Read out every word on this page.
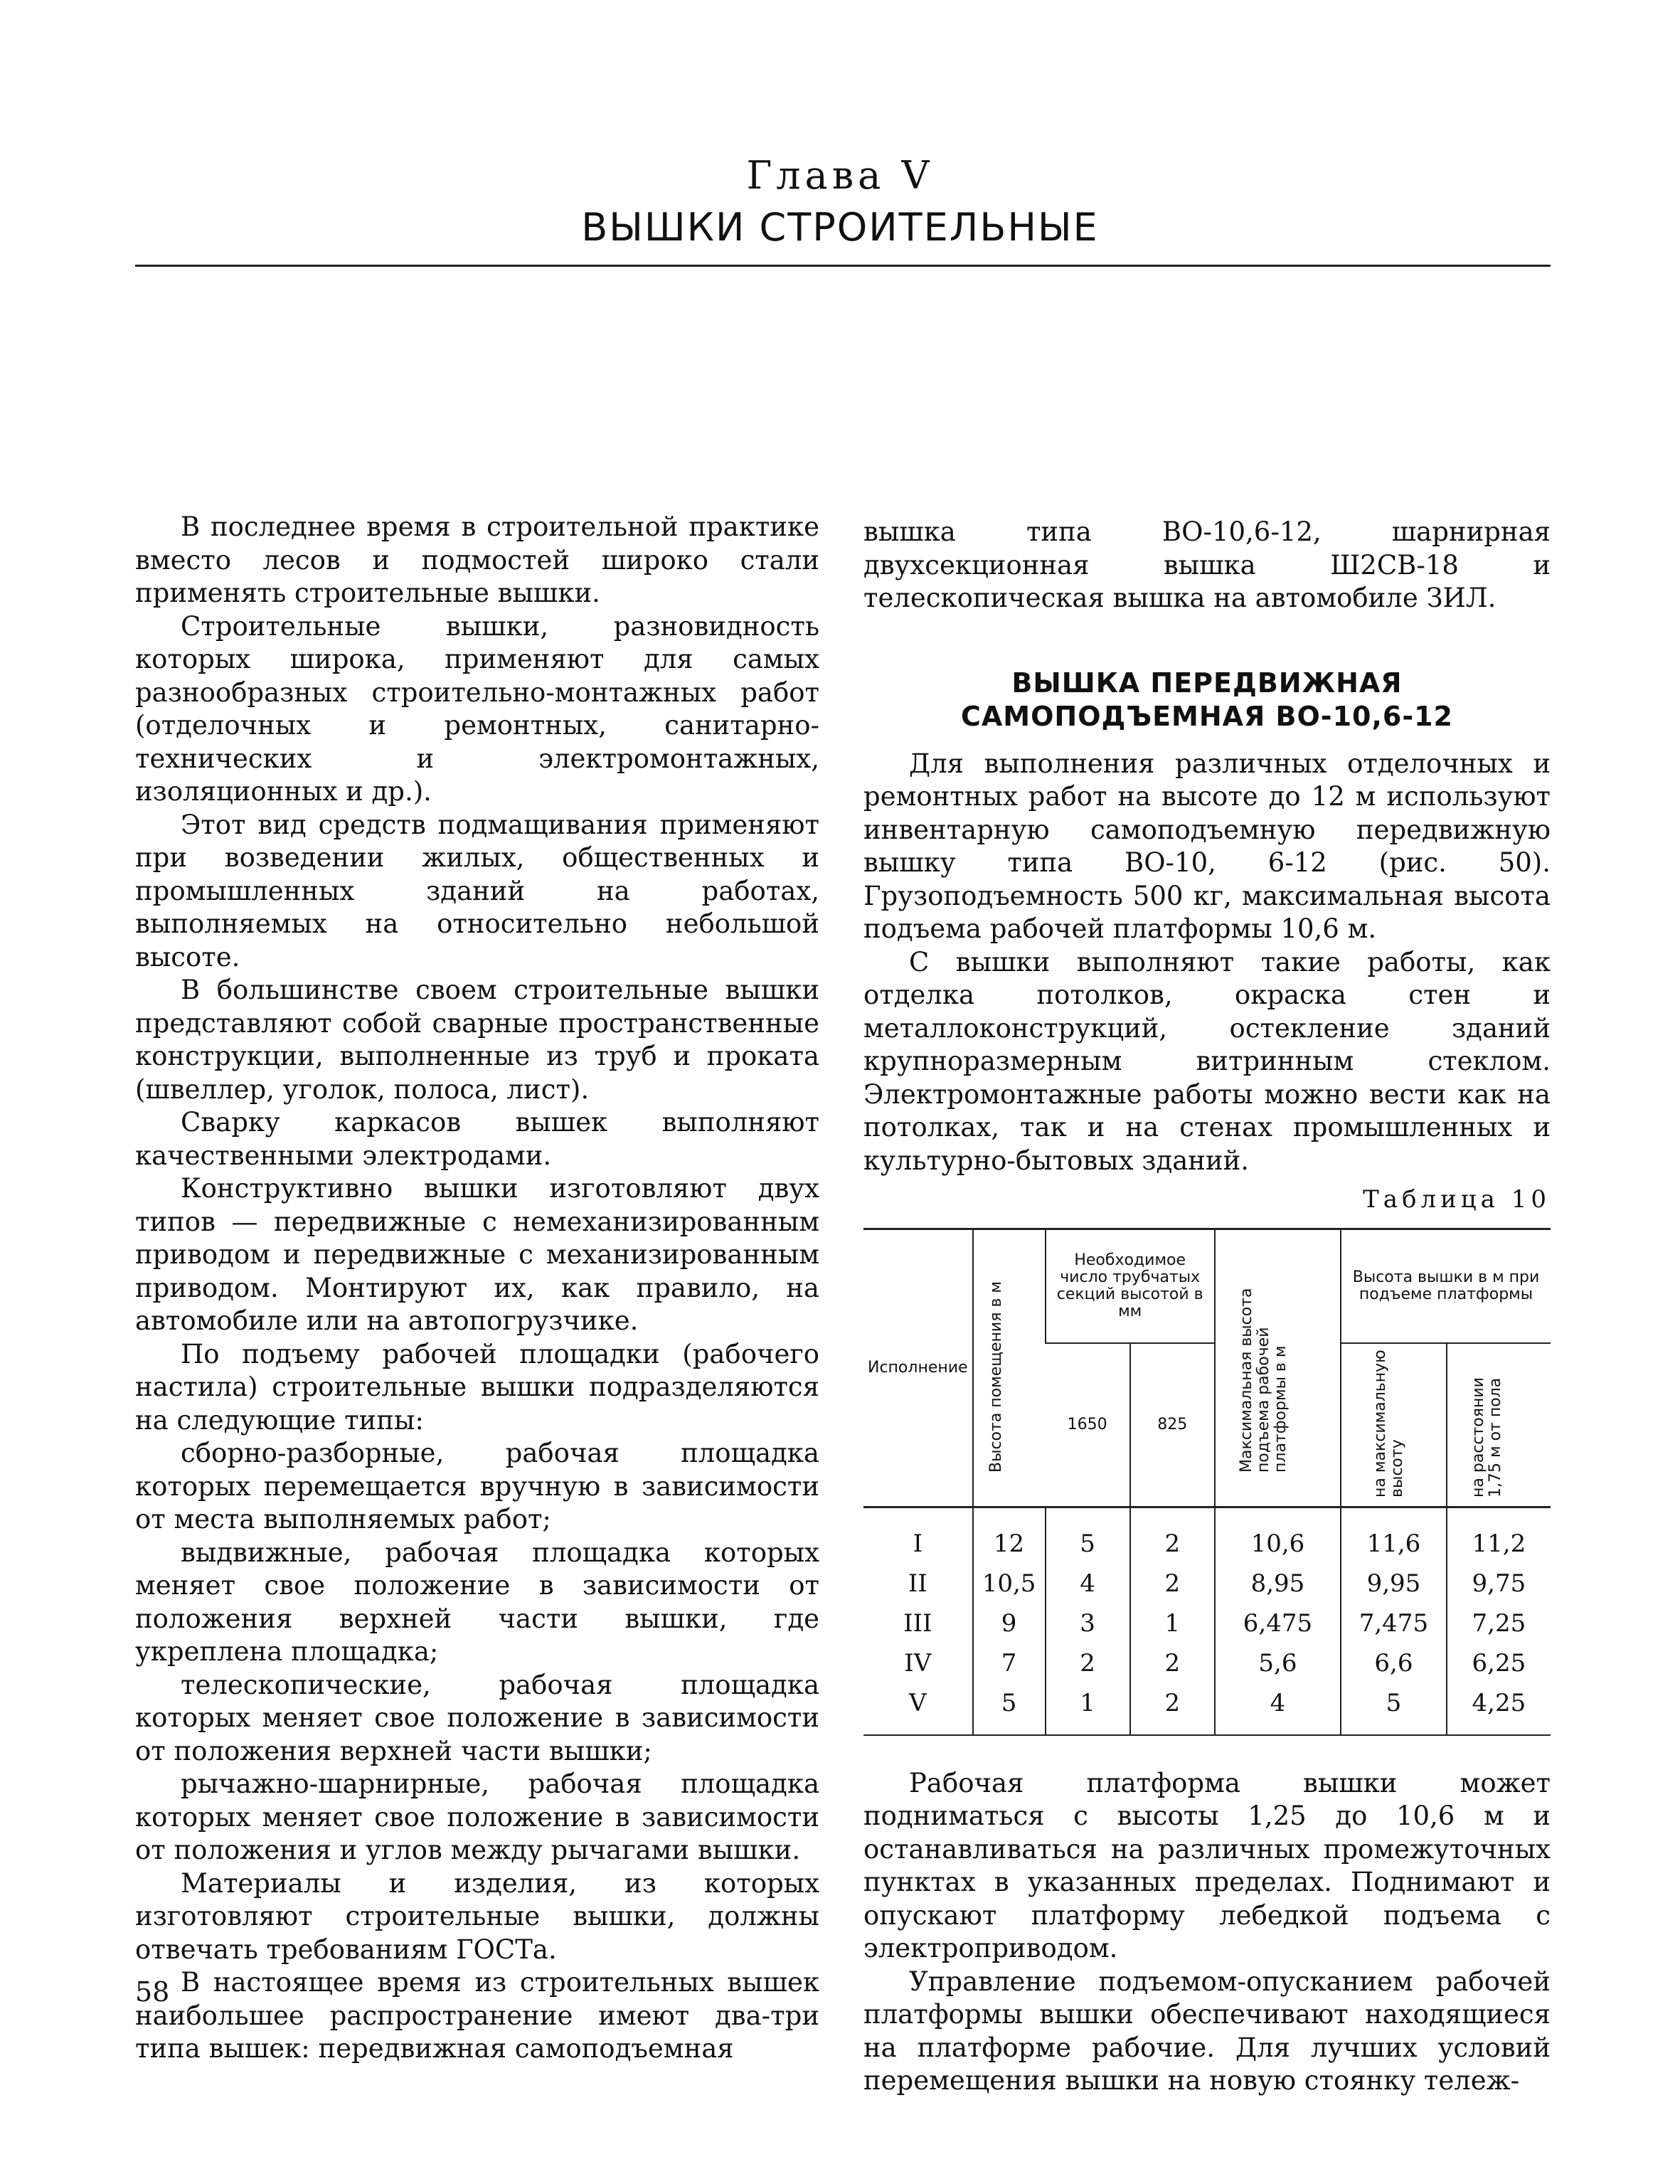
Глава V
ВЫШКИ СТРОИТЕЛЬНЫЕ

В последнее время в строительной практике вместо лесов и подмостей широко стали применять строительные вышки.

Строительные вышки, разновидность которых широка, применяют для самых разнообразных строительно-монтажных работ (отделочных и ремонтных, санитарно-технических и электромонтажных, изоляционных и др.).

Этот вид средств подмащивания применяют при возведении жилых, общественных и промышленных зданий на работах, выполняемых на относительно небольшой высоте.

В большинстве своем строительные вышки представляют собой сварные пространственные конструкции, выполненные из труб и проката (швеллер, уголок, полоса, лист).

Сварку каркасов вышек выполняют качественными электродами.

Конструктивно вышки изготовляют двух типов — передвижные с немеханизированным приводом и передвижные с механизированным приводом. Монтируют их, как правило, на автомобиле или на автопогрузчике.

По подъему рабочей площадки (рабочего настила) строительные вышки подразделяются на следующие типы:

сборно-разборные, рабочая площадка которых перемещается вручную в зависимости от места выполняемых работ;

выдвижные, рабочая площадка которых меняет свое положение в зависимости от положения верхней части вышки, где укреплена площадка;

телескопические, рабочая площадка которых меняет свое положение в зависимости от положения верхней части вышки;

рычажно-шарнирные, рабочая площадка которых меняет свое положение в зависимости от положения и углов между рычагами вышки.

Материалы и изделия, из которых изготовляют строительные вышки, должны отвечать требованиям ГОСТа.

В настоящее время из строительных вышек наибольшее распространение имеют два-три типа вышек: передвижная самоподъемная

вышка типа ВО-10,6-12, шарнирная двухсекционная вышка Ш2СВ-18 и телескопическая вышка на автомобиле ЗИЛ.

ВЫШКА ПЕРЕДВИЖНАЯ
САМОПОДЪЕМНАЯ ВО-10,6-12

Для выполнения различных отделочных и ремонтных работ на высоте до 12 м используют инвентарную самоподъемную передвижную вышку типа ВО-10, 6-12 (рис. 50). Грузоподъемность 500 кг, максимальная высота подъема рабочей платформы 10,6 м.

С вышки выполняют такие работы, как отделка потолков, окраска стен и металлоконструкций, остекление зданий крупноразмерным витринным стеклом. Электромонтажные работы можно вести как на потолках, так и на стенах промышленных и культурно-бытовых зданий.

Таблица 10
Исполнение	Высота помещения в м	Необходимое число трубчатых секций высотой в мм		Максимальная высота подъема рабочей платформы в м	Высота вышки в м при подъеме платформы	
		1650	825		на максимальную высоту	на расстоянии 1,75 м от пола
I	12	5	2	10,6	11,6	11,2
II	10,5	4	2	8,95	9,95	9,75
III	9	3	1	6,475	7,475	7,25
IV	7	2	2	5,6	6,6	6,25
V	5	1	2	4	5	4,25

Рабочая платформа вышки может подниматься с высоты 1,25 до 10,6 м и останавливаться на различных промежуточных пунктах в указанных пределах. Поднимают и опускают платформу лебедкой подъема с электроприводом.

Управление подъемом-опусканием рабочей платформы вышки обеспечивают находящиеся на платформе рабочие. Для лучших условий перемещения вышки на новую стоянку тележ-

58
